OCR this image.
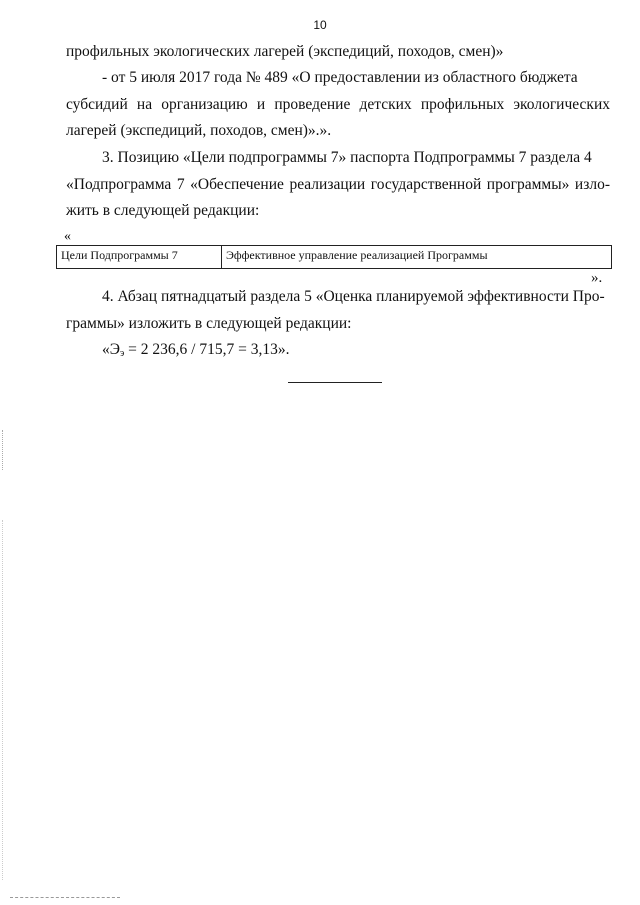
10
профильных экологических лагерей (экспедиций, походов, смен)»
- от 5 июля 2017 года № 489 «О предоставлении из областного бюджета
субсидий на организацию и проведение детских профильных экологических
лагерей (экспедиций, походов, смен)».».
3. Позицию «Цели подпрограммы 7» паспорта Подпрограммы 7 раздела 4
«Подпрограмма 7 «Обеспечение реализации государственной программы» изло-
жить в следующей редакции:
«
Цели Подпрограммы 7	Эффективное управление реализацией Программы
».
4. Абзац пятнадцатый раздела 5 «Оценка планируемой эффективности Про-
граммы» изложить в следующей редакции:
«$Э_э = 2$ 236,6 / 715,7 = 3,13».
